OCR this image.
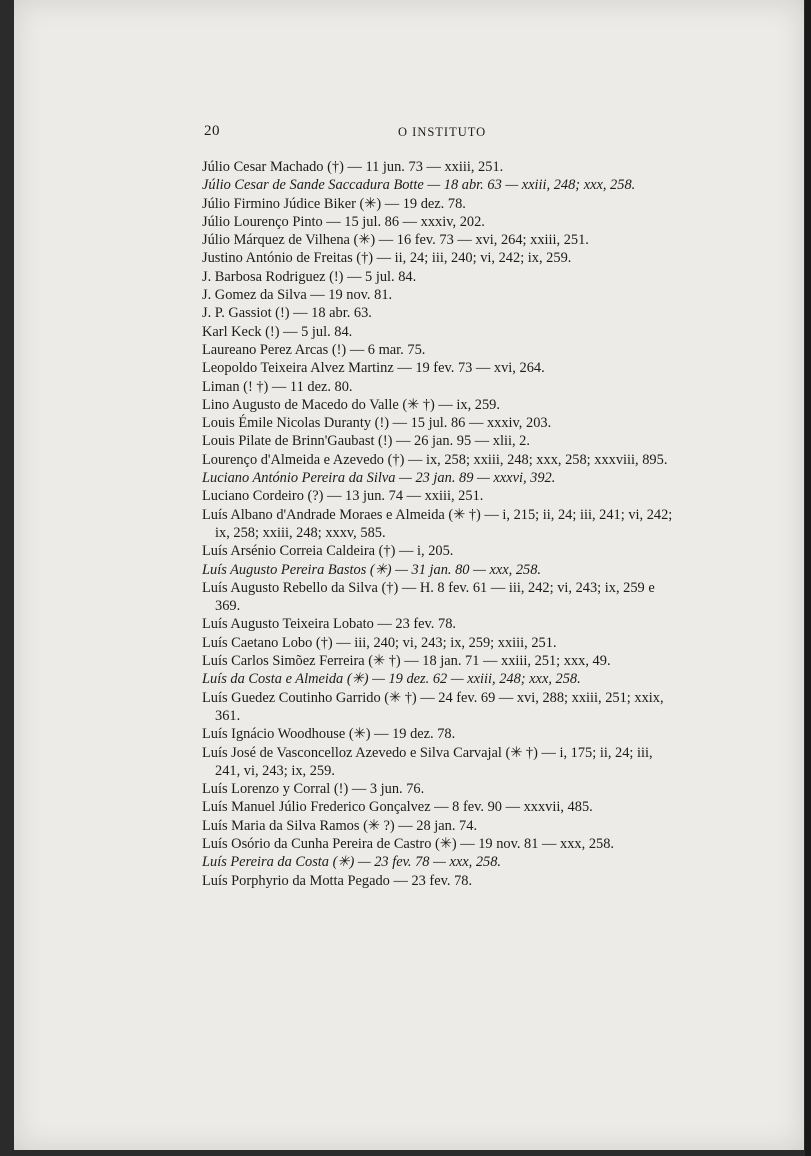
20	O INSTITUTO
Júlio Cesar Machado (†) — 11 jun. 73 — xxiii, 251.
Júlio Cesar de Sande Saccadura Botte — 18 abr. 63 — xxiii, 248; xxx, 258.
Júlio Firmino Júdice Biker (✳) — 19 dez. 78.
Júlio Lourenço Pinto — 15 jul. 86 — xxxiv, 202.
Júlio Márquez de Vilhena (✳) — 16 fev. 73 — xvi, 264; xxiii, 251.
Justino António de Freitas (†) — ii, 24; iii, 240; vi, 242; ix, 259.
J. Barbosa Rodriguez (!) — 5 jul. 84.
J. Gomez da Silva — 19 nov. 81.
J. P. Gassiot (!) — 18 abr. 63.
Karl Keck (!) — 5 jul. 84.
Laureano Perez Arcas (!) — 6 mar. 75.
Leopoldo Teixeira Alvez Martinz — 19 fev. 73 — xvi, 264.
Liman (! †) — 11 dez. 80.
Lino Augusto de Macedo do Valle (✳ †) — ix, 259.
Louis Émile Nicolas Duranty (!) — 15 jul. 86 — xxxiv, 203.
Louis Pilate de Brinn'Gaubast (!) — 26 jan. 95 — xlii, 2.
Lourenço d'Almeida e Azevedo (†) — ix, 258; xxiii, 248; xxx, 258; xxxviii, 895.
Luciano António Pereira da Silva — 23 jan. 89 — xxxvi, 392.
Luciano Cordeiro (?) — 13 jun. 74 — xxiii, 251.
Luís Albano d'Andrade Moraes e Almeida (✳ †) — i, 215; ii, 24; iii, 241; vi, 242; ix, 258; xxiii, 248; xxxv, 585.
Luís Arsénio Correia Caldeira (†) — i, 205.
Luís Augusto Pereira Bastos (✳) — 31 jan. 80 — xxx, 258.
Luís Augusto Rebello da Silva (†) — H. 8 fev. 61 — iii, 242; vi, 243; ix, 259 e 369.
Luís Augusto Teixeira Lobato — 23 fev. 78.
Luís Caetano Lobo (†) — iii, 240; vi, 243; ix, 259; xxiii, 251.
Luís Carlos Simõez Ferreira (✳ †) — 18 jan. 71 — xxiii, 251; xxx, 49.
Luís da Costa e Almeida (✳) — 19 dez. 62 — xxiii, 248; xxx, 258.
Luís Guedez Coutinho Garrido (✳ †) — 24 fev. 69 — xvi, 288; xxiii, 251; xxix, 361.
Luís Ignácio Woodhouse (✳) — 19 dez. 78.
Luís José de Vasconcelloz Azevedo e Silva Carvajal (✳ †) — i, 175; ii, 24; iii, 241, vi, 243; ix, 259.
Luís Lorenzo y Corral (!) — 3 jun. 76.
Luís Manuel Júlio Frederico Gonçalvez — 8 fev. 90 — xxxvii, 485.
Luís Maria da Silva Ramos (✳ ?) — 28 jan. 74.
Luís Osório da Cunha Pereira de Castro (✳) — 19 nov. 81 — xxx, 258.
Luís Pereira da Costa (✳) — 23 fev. 78 — xxx, 258.
Luís Porphyrio da Motta Pegado — 23 fev. 78.
